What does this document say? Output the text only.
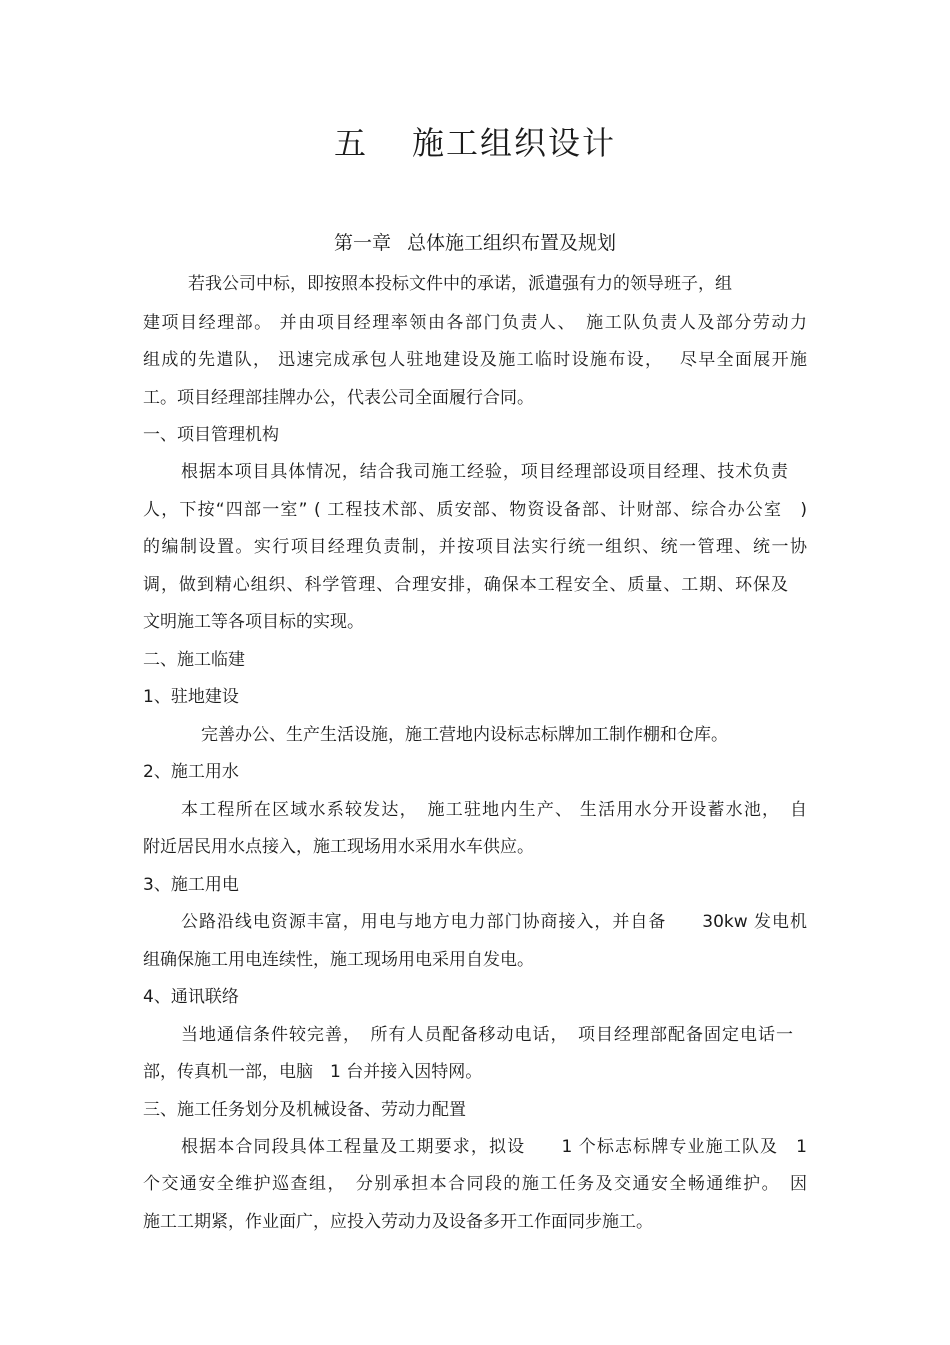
五 施工组织设计
第一章 总体施工组织布置及规划
若我公司中标，即按照本投标文件中的承诺，派遣强有力的领导班子，组
建项目经理部。 并由项目经理率领由各部门负责人、　施工队负责人及部分劳动力
组成的先遣队， 迅速完成承包人驻地建设及施工临时设施布设，　 尽早全面展开施
工。项目经理部挂牌办公，代表公司全面履行合同。
一、项目管理机构
根据本项目具体情况，结合我司施工经验，项目经理部设项目经理、技术负责
人，下按“四部一室” ( 工程技术部、质安部、物资设备部、计财部、综合办公室　)
的编制设置。实行项目经理负责制，并按项目法实行统一组织、统一管理、统一协
调，做到精心组织、科学管理、合理安排，确保本工程安全、质量、工期、环保及
文明施工等各项目标的实现。
二、施工临建
1、驻地建设
完善办公、生产生活设施，施工营地内设标志标牌加工制作棚和仓库。
2、施工用水
本工程所在区域水系较发达，　施工驻地内生产、 生活用水分开设蓄水池，　自
附近居民用水点接入，施工现场用水采用水车供应。
3、施工用电
公路沿线电资源丰富，用电与地方电力部门协商接入，并自备　　30kw 发电机
组确保施工用电连续性，施工现场用电采用自发电。
4、通讯联络
当地通信条件较完善，　所有人员配备移动电话，　项目经理部配备固定电话一
部，传真机一部，电脑　1 台并接入因特网。
三、施工任务划分及机械设备、劳动力配置
根据本合同段具体工程量及工期要求，拟设　　1 个标志标牌专业施工队及　1
个交通安全维护巡查组，　分别承担本合同段的施工任务及交通安全畅通维护。　因
施工工期紧，作业面广，应投入劳动力及设备多开工作面同步施工。
